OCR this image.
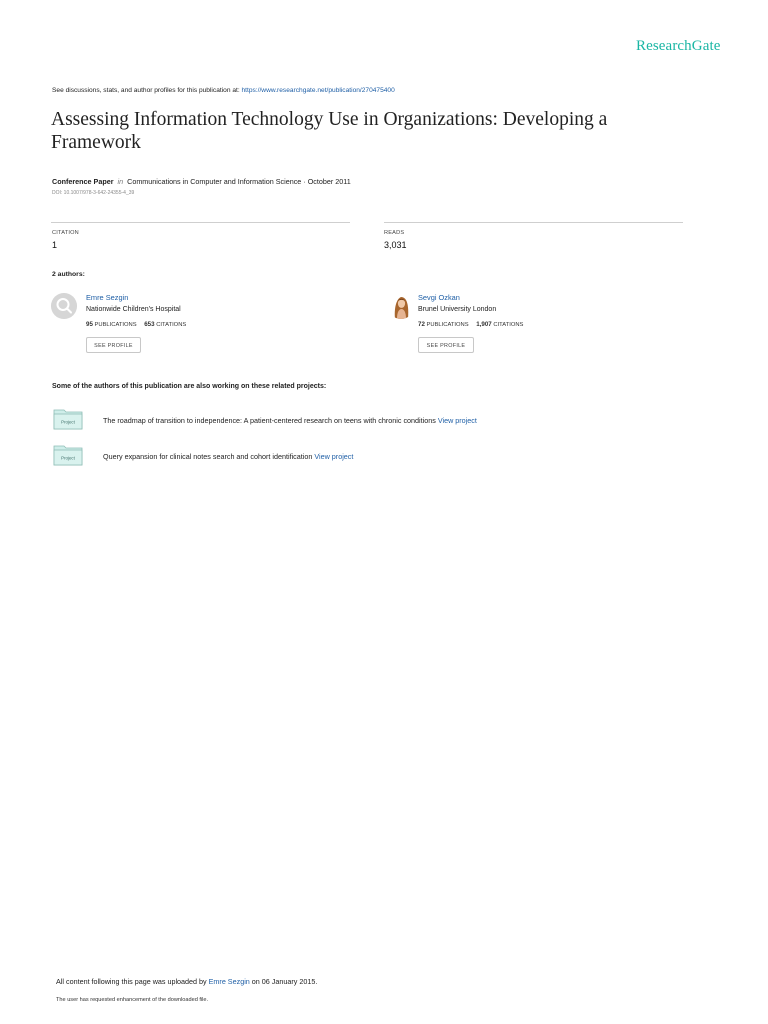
ResearchGate
See discussions, stats, and author profiles for this publication at: https://www.researchgate.net/publication/270475400
Assessing Information Technology Use in Organizations: Developing a Framework
Conference Paper in Communications in Computer and Information Science · October 2011
DOI: 10.1007/978-3-642-24355-4_39
CITATION
1
READS
3,031
2 authors:
Emre Sezgin
Nationwide Children's Hospital
95 PUBLICATIONS 653 CITATIONS
SEE PROFILE
Sevgi Ozkan
Brunel University London
72 PUBLICATIONS 1,907 CITATIONS
SEE PROFILE
Some of the authors of this publication are also working on these related projects:
Project	The roadmap of transition to independence: A patient-centered research on teens with chronic conditions View project
Project	Query expansion for clinical notes search and cohort identification View project
All content following this page was uploaded by Emre Sezgin on 06 January 2015.
The user has requested enhancement of the downloaded file.
